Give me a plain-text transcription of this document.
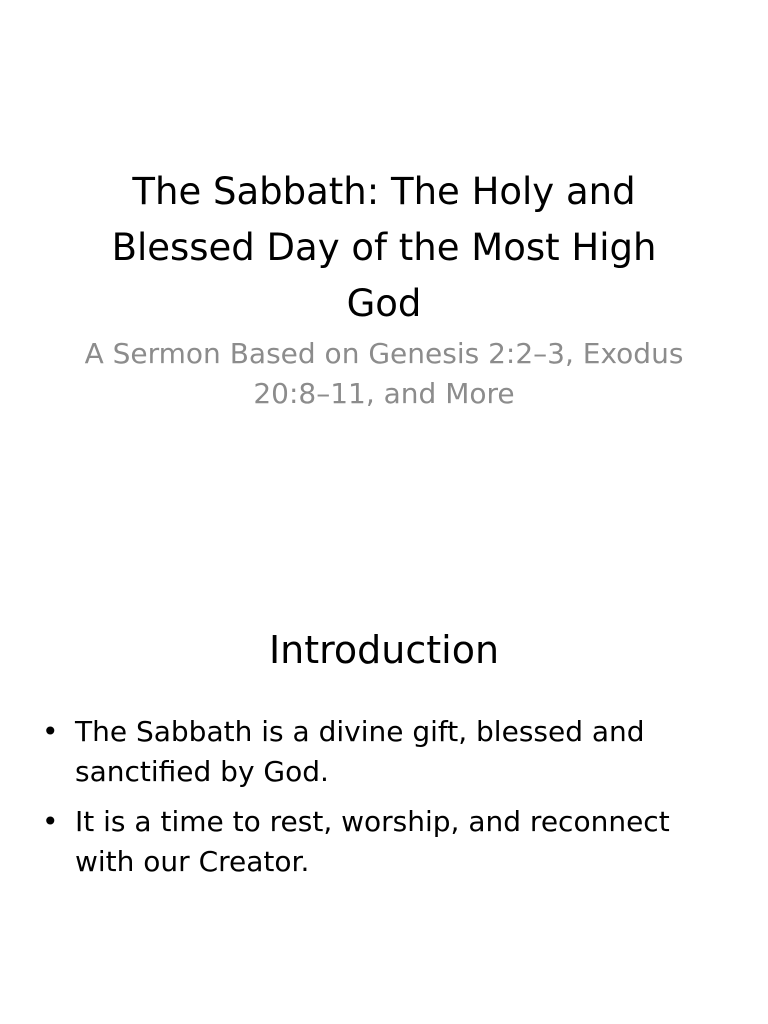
The Sabbath: The Holy and Blessed Day of the Most High God

A Sermon Based on Genesis 2:2–3, Exodus 20:8–11, and More

Introduction
• The Sabbath is a divine gift, blessed and sanctified by God.
• It is a time to rest, worship, and reconnect with our Creator.
